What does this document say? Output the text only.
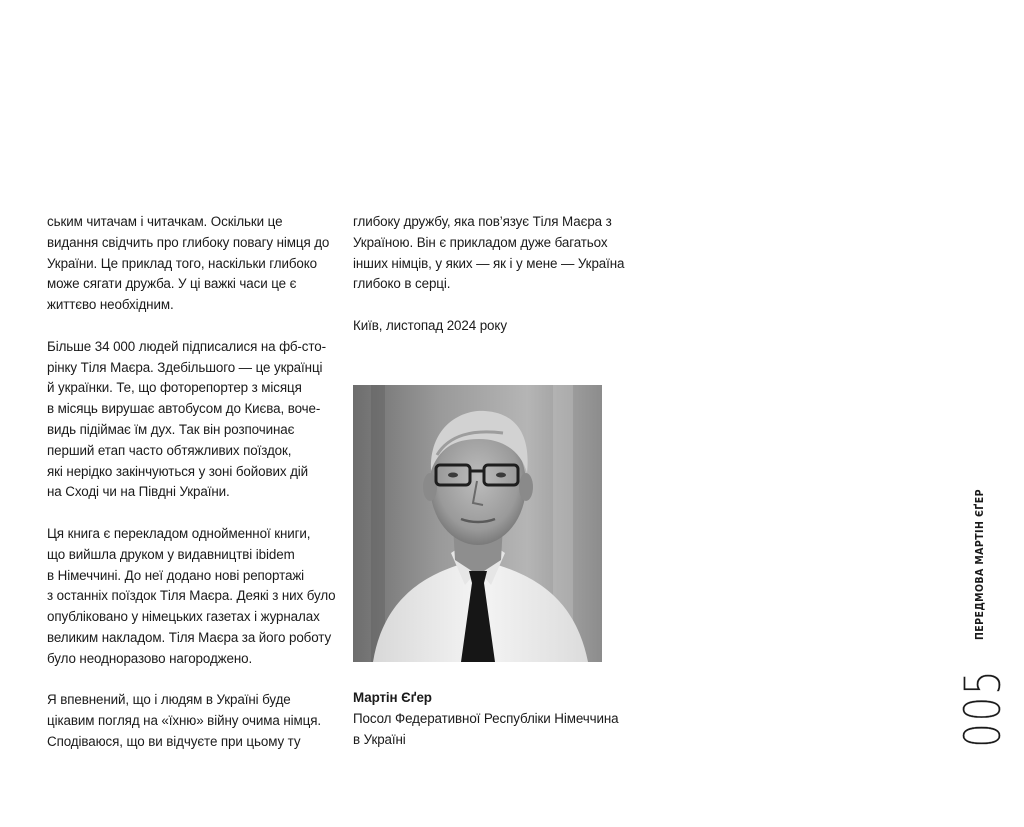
ським читачам і читачкам. Оскільки це
видання свідчить про глибоку повагу німця до
України. Це приклад того, наскільки глибоко
може сягати дружба. У ці важкі часи це є
життєво необхідним.

Більше 34 000 людей підписалися на фб-сто-
рінку Тіля Маєра. Здебільшого — це українці
й українки. Те, що фоторепортер з місяця
в місяць вирушає автобусом до Києва, воче-
видь підіймає їм дух. Так він розпочинає
перший етап часто обтяжливих поїздок,
які нерідко закінчуються у зоні бойових дій
на Сході чи на Півдні України.

Ця книга є перекладом однойменної книги,
що вийшла друком у видавництві ibidem
в Німеччині. До неї додано нові репортажі
з останніх поїздок Тіля Маєра. Деякі з них було
опубліковано у німецьких газетах і журналах
великим накладом. Тіля Маєра за його роботу
було неодноразово нагороджено.

Я впевнений, що і людям в Україні буде
цікавим погляд на «їхню» війну очима німця.
Сподіваюся, що ви відчуєте при цьому ту

глибоку дружбу, яка пов’язує Тіля Маєра з
Україною. Він є прикладом дуже багатьох
інших німців, у яких — як і у мене — Україна
глибоко в серці.

Київ, листопад 2024 року

Мартін Єґер
Посол Федеративної Республіки Німеччина
в Україні
ПЕРЕДМОВА МАРТІН ЄҐЕР
005
